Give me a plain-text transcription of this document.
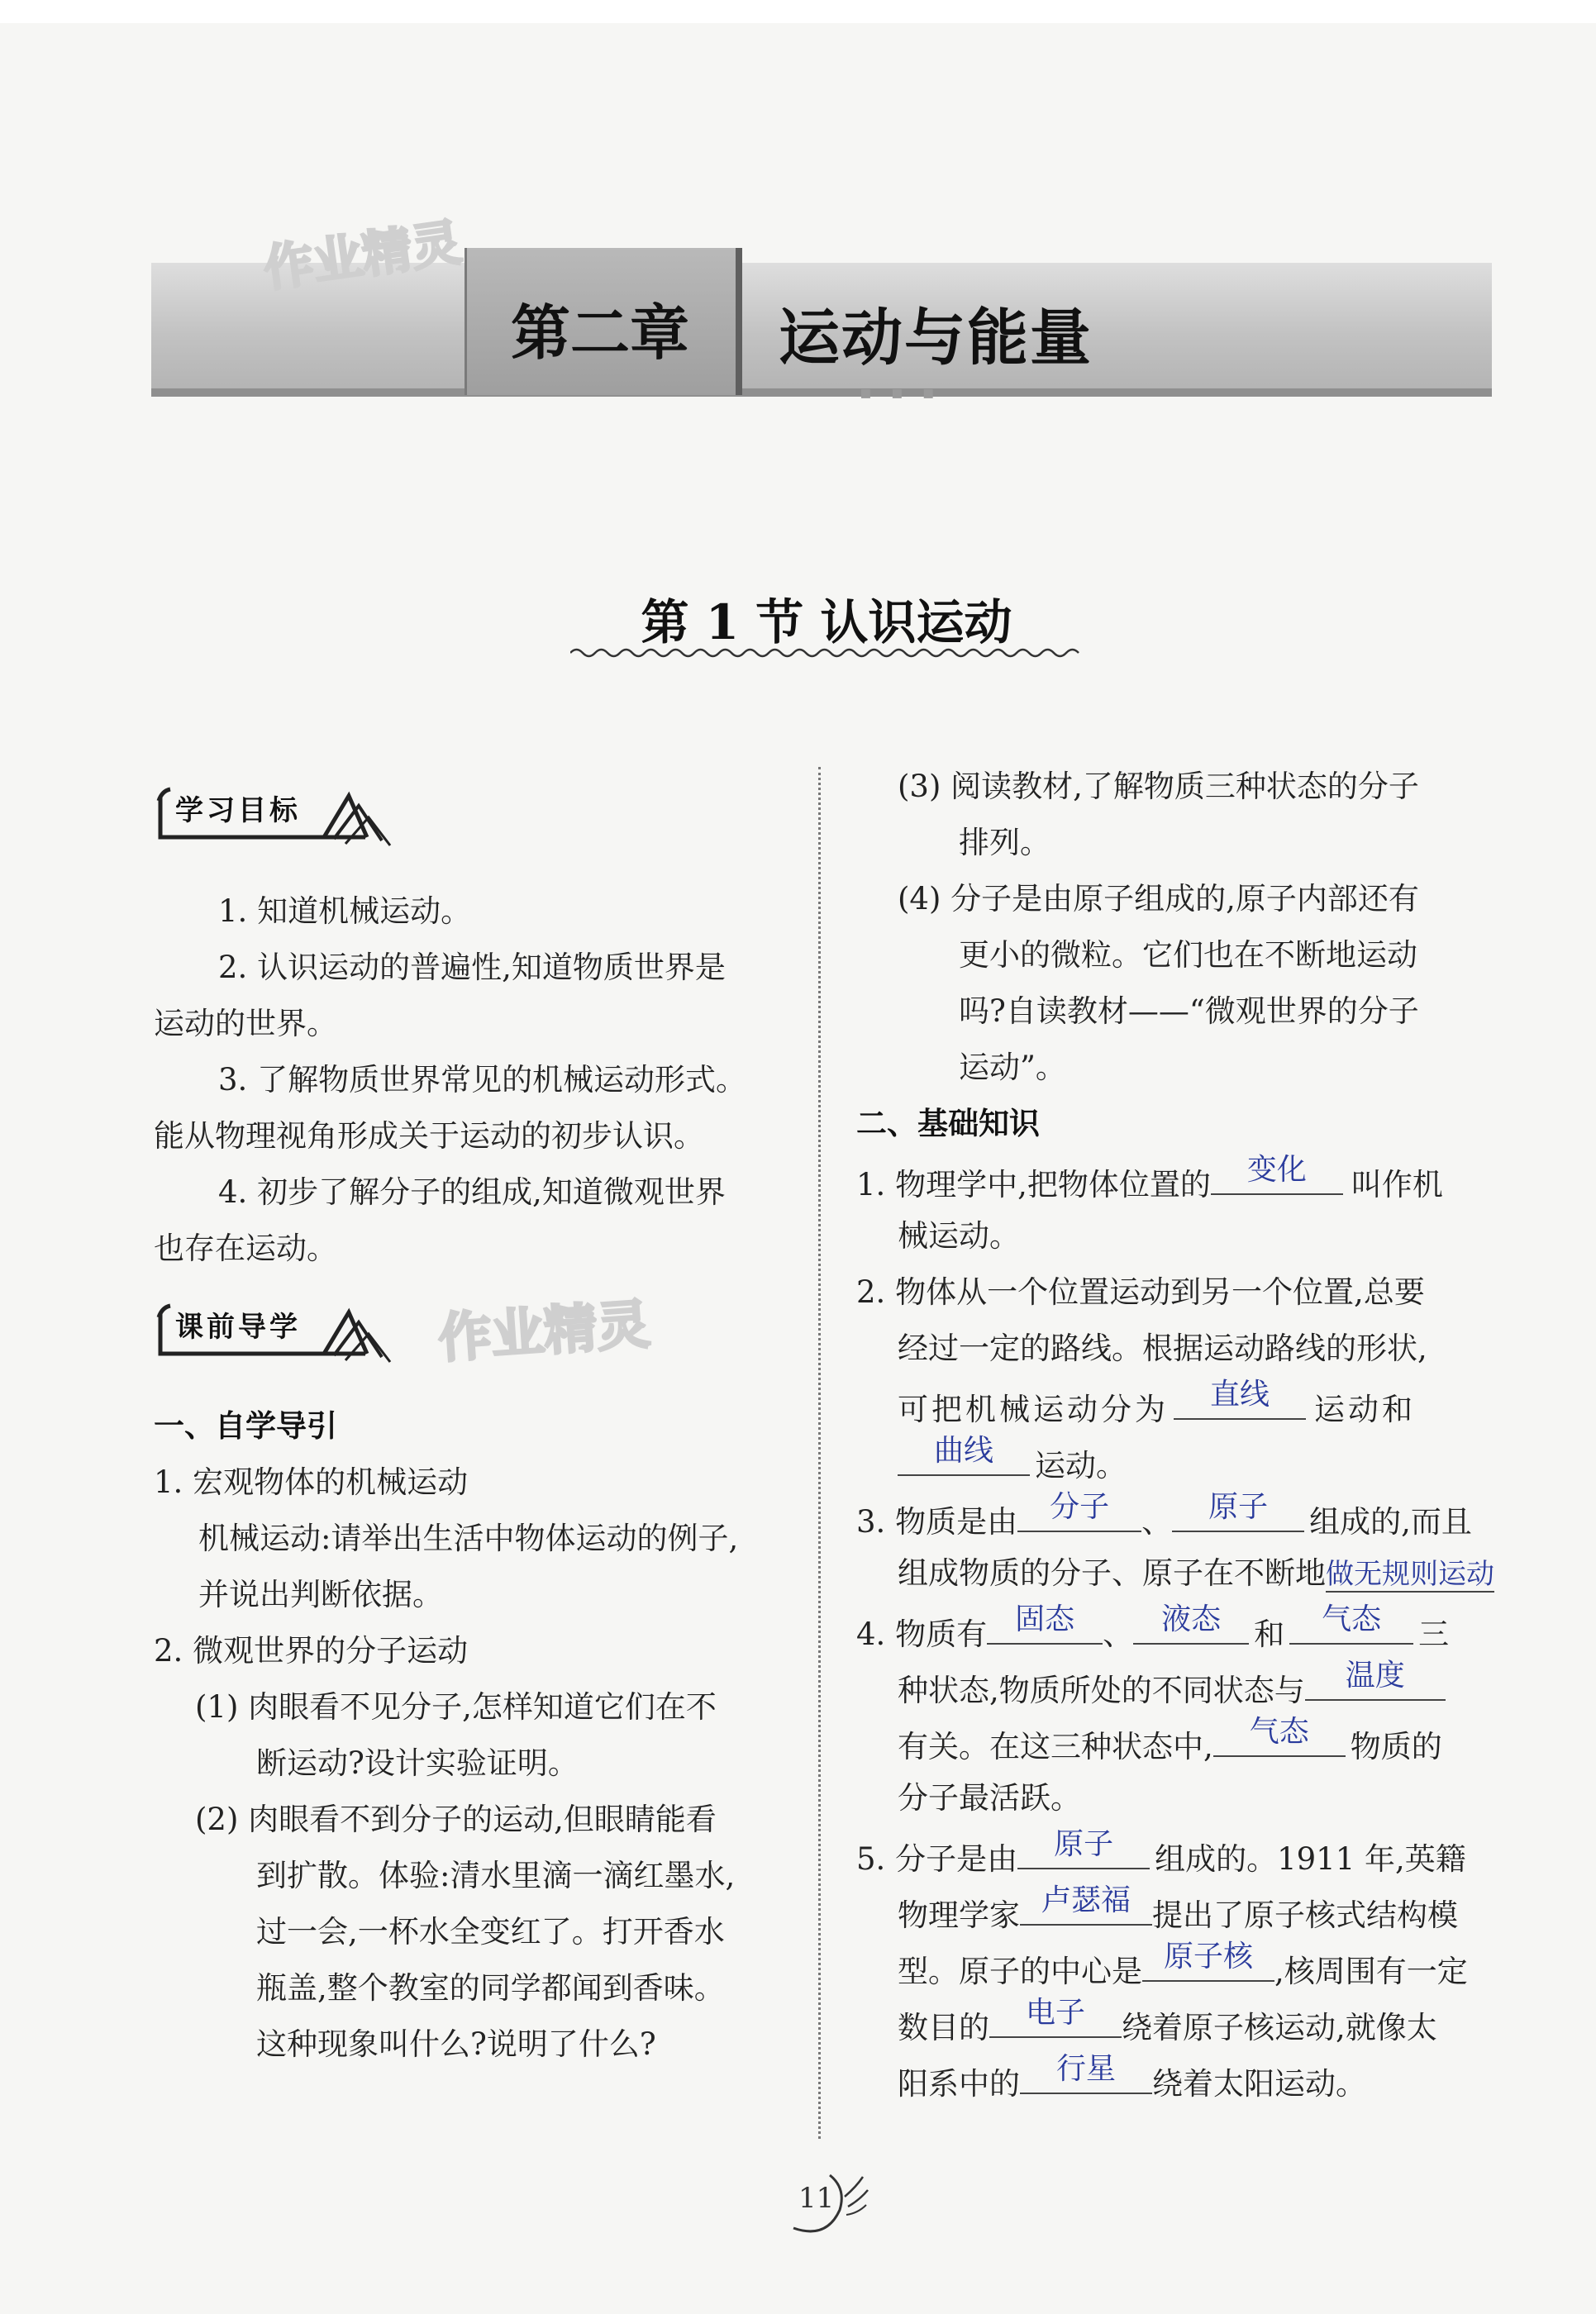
▪ ▪ ▪
第二章	运动与能量
作业精灵
第 1 节 认识运动
学习目标
1. 知道机械运动。
2. 认识运动的普遍性,知道物质世界是
运动的世界。
3. 了解物质世界常见的机械运动形式。
能从物理视角形成关于运动的初步认识。
4. 初步了解分子的组成,知道微观世界
也存在运动。
课前导学	作业精灵
一、自学导引
1. 宏观物体的机械运动
机械运动:请举出生活中物体运动的例子,
并说出判断依据。
2. 微观世界的分子运动
(1) 肉眼看不见分子,怎样知道它们在不
断运动?设计实验证明。
(2) 肉眼看不到分子的运动,但眼睛能看
到扩散。体验:清水里滴一滴红墨水,
过一会,一杯水全变红了。打开香水
瓶盖,整个教室的同学都闻到香味。
这种现象叫什么?说明了什么?
(3) 阅读教材,了解物质三种状态的分子
排列。
(4) 分子是由原子组成的,原子内部还有
更小的微粒。它们也在不断地运动
吗?自读教材——“微观世界的分子
运动”。
二、基础知识
1. 物理学中,把物体位置的	变化	叫作机
械运动。
2. 物体从一个位置运动到另一个位置,总要
经过一定的路线。根据运动路线的形状,
可把机械运动分为	直线	运动和
曲线	运动。
3. 物质是由	分子	、	原子	组成的,而且
组成物质的分子、原子在不断地做无规则运动
4. 物质有 固态 、 液态	和	气态	三
种状态,物质所处的不同状态与	温度
有关。在这三种状态中,	气态	物质的
分子最活跃。
5. 分子是由	原子	组成的。1911 年,英籍
物理学家 卢瑟福 提出了原子核式结构模
型。原子的中心是 原子核 ,核周围有一定
数目的	电子	绕着原子核运动,就像太
阳系中的	行星	绕着太阳运动。
11
